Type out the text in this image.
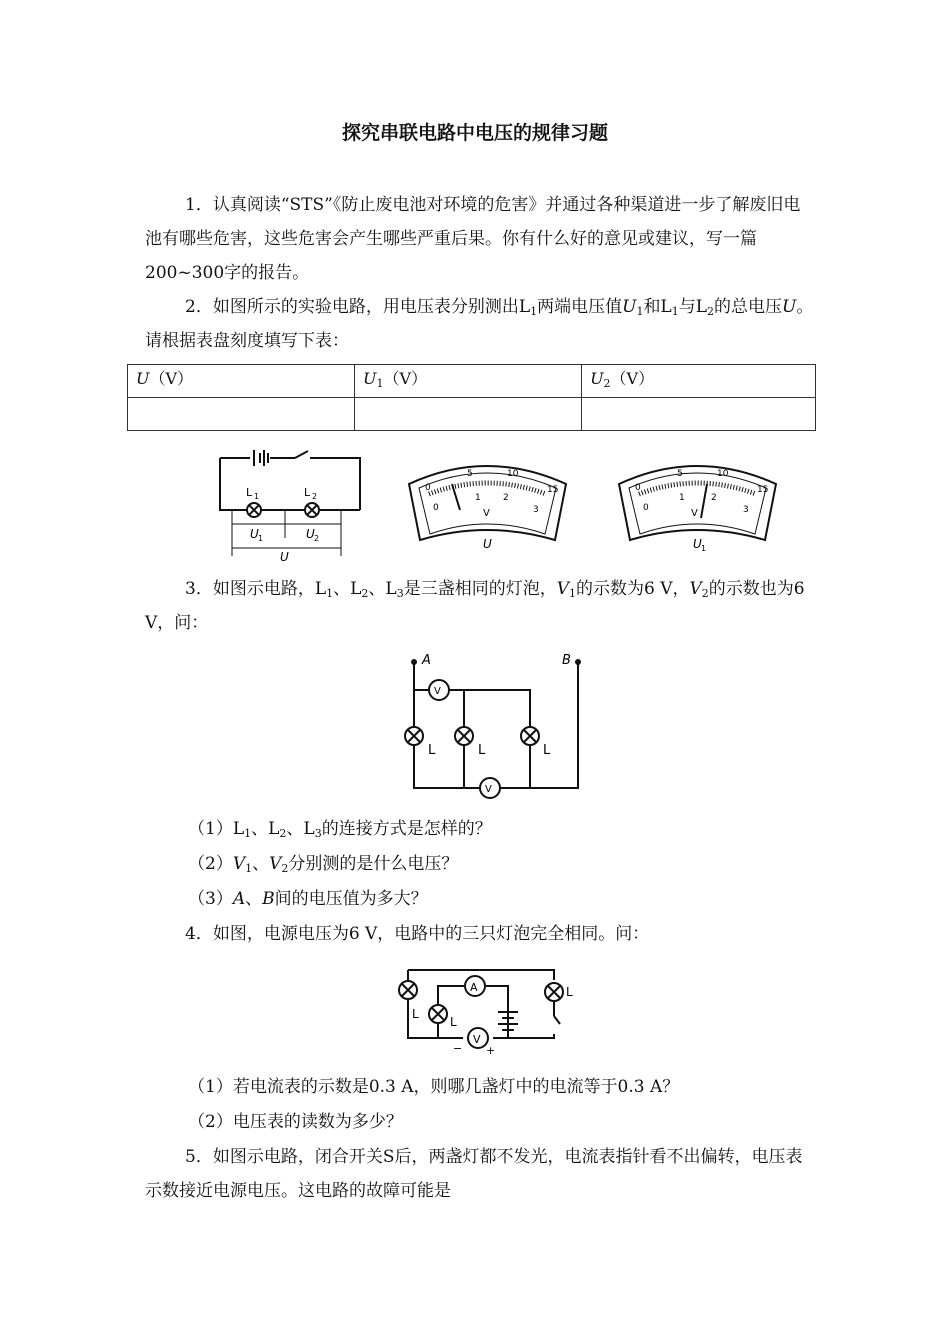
探究串联电路中电压的规律习题
1．认真阅读“STS”《防止废电池对环境的危害》并通过各种渠道进一步了解废旧电池有哪些危害，这些危害会产生哪些严重后果。你有什么好的意见或建议，写一篇200~300字的报告。
2．如图所示的实验电路，用电压表分别测出$L_1$两端电压值$U_1$和$L_1$与$L_2$的总电压U。请根据表盘刻度填写下表：
U（V）	$U_1(V)$	$U_2(V)$

L 1	L 2
U 1	U 2
U
0
5	10
15
0
1 2
3
V
U
0
5	10
15
0
1	2
3
V
U 1
3．如图示电路，$L_1$、$L_2$、$L_3$是三盏相同的灯泡，$V_1$的示数为6 V，$V_2$的示数也为6 V，问：
A	B
V
V
L	L	L
$(1)L_1$、$L_2$、$L_3$的连接方式是怎样的？
$(2)V_1$、$V_2$分别测的是什么电压？
（3）A、B间的电压值为多大？
4．如图，电源电压为6 V，电路中的三只灯泡完全相同。问：
A
V
− +
L
L
L
（1）若电流表的示数是0.3 A，则哪几盏灯中的电流等于0.3 A？
（2）电压表的读数为多少？
5．如图示电路，闭合开关S后，两盏灯都不发光，电流表指针看不出偏转，电压表示数接近电源电压。这电路的故障可能是
